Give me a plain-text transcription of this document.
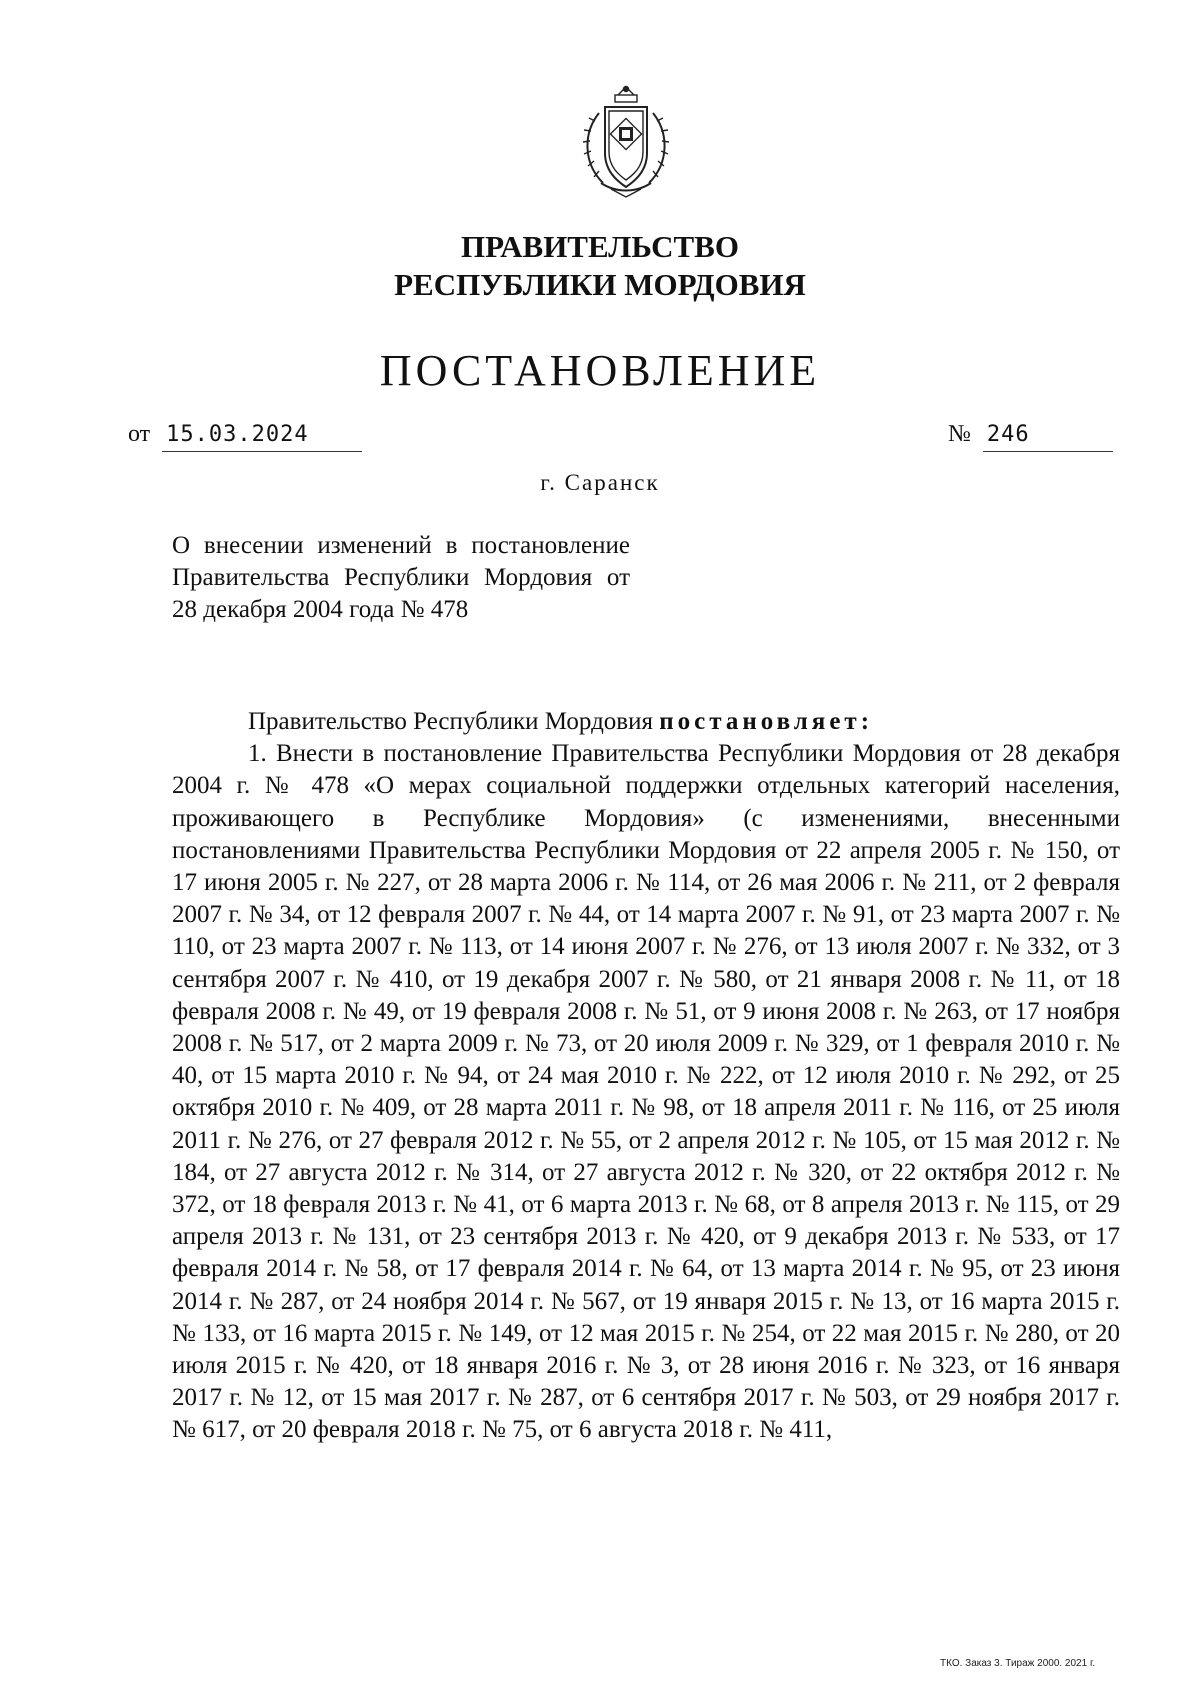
ПРАВИТЕЛЬСТВО
РЕСПУБЛИКИ МОРДОВИЯ
ПОСТАНОВЛЕНИЕ
от 15.03.2024	№ 246
г. Саранск
О внесении изменений в постановление Правительства Республики Мордовия от 28 декабря 2004 года № 478

Правительство Республики Мордовия постановляет:

1. Внести в постановление Правительства Республики Мордовия от 28 декабря 2004 г. № 478 «О мерах социальной поддержки отдельных категорий населения, проживающего в Республике Мордовия» (с изменениями, внесенными постановлениями Правительства Республики Мордовия от 22 апреля 2005 г. № 150, от 17 июня 2005 г. № 227, от 28 марта 2006 г. № 114, от 26 мая 2006 г. № 211, от 2 февраля 2007 г. № 34, от 12 февраля 2007 г. № 44, от 14 марта 2007 г. № 91, от 23 марта 2007 г. № 110, от 23 марта 2007 г. № 113, от 14 июня 2007 г. № 276, от 13 июля 2007 г. № 332, от 3 сентября 2007 г. № 410, от 19 декабря 2007 г. № 580, от 21 января 2008 г. № 11, от 18 февраля 2008 г. № 49, от 19 февраля 2008 г. № 51, от 9 июня 2008 г. № 263, от 17 ноября 2008 г. № 517, от 2 марта 2009 г. № 73, от 20 июля 2009 г. № 329, от 1 февраля 2010 г. № 40, от 15 марта 2010 г. № 94, от 24 мая 2010 г. № 222, от 12 июля 2010 г. № 292, от 25 октября 2010 г. № 409, от 28 марта 2011 г. № 98, от 18 апреля 2011 г. № 116, от 25 июля 2011 г. № 276, от 27 февраля 2012 г. № 55, от 2 апреля 2012 г. № 105, от 15 мая 2012 г. № 184, от 27 августа 2012 г. № 314, от 27 августа 2012 г. № 320, от 22 октября 2012 г. № 372, от 18 февраля 2013 г. № 41, от 6 марта 2013 г. № 68, от 8 апреля 2013 г. № 115, от 29 апреля 2013 г. № 131, от 23 сентября 2013 г. № 420, от 9 декабря 2013 г. № 533, от 17 февраля 2014 г. № 58, от 17 февраля 2014 г. № 64, от 13 марта 2014 г. № 95, от 23 июня 2014 г. № 287, от 24 ноября 2014 г. № 567, от 19 января 2015 г. № 13, от 16 марта 2015 г. № 133, от 16 марта 2015 г. № 149, от 12 мая 2015 г. № 254, от 22 мая 2015 г. № 280, от 20 июля 2015 г. № 420, от 18 января 2016 г. № 3, от 28 июня 2016 г. № 323, от 16 января 2017 г. № 12, от 15 мая 2017 г. № 287, от 6 сентября 2017 г. № 503, от 29 ноября 2017 г. № 617, от 20 февраля 2018 г. № 75, от 6 августа 2018 г. № 411,

ТКО. Заказ 3. Тираж 2000. 2021 г.
